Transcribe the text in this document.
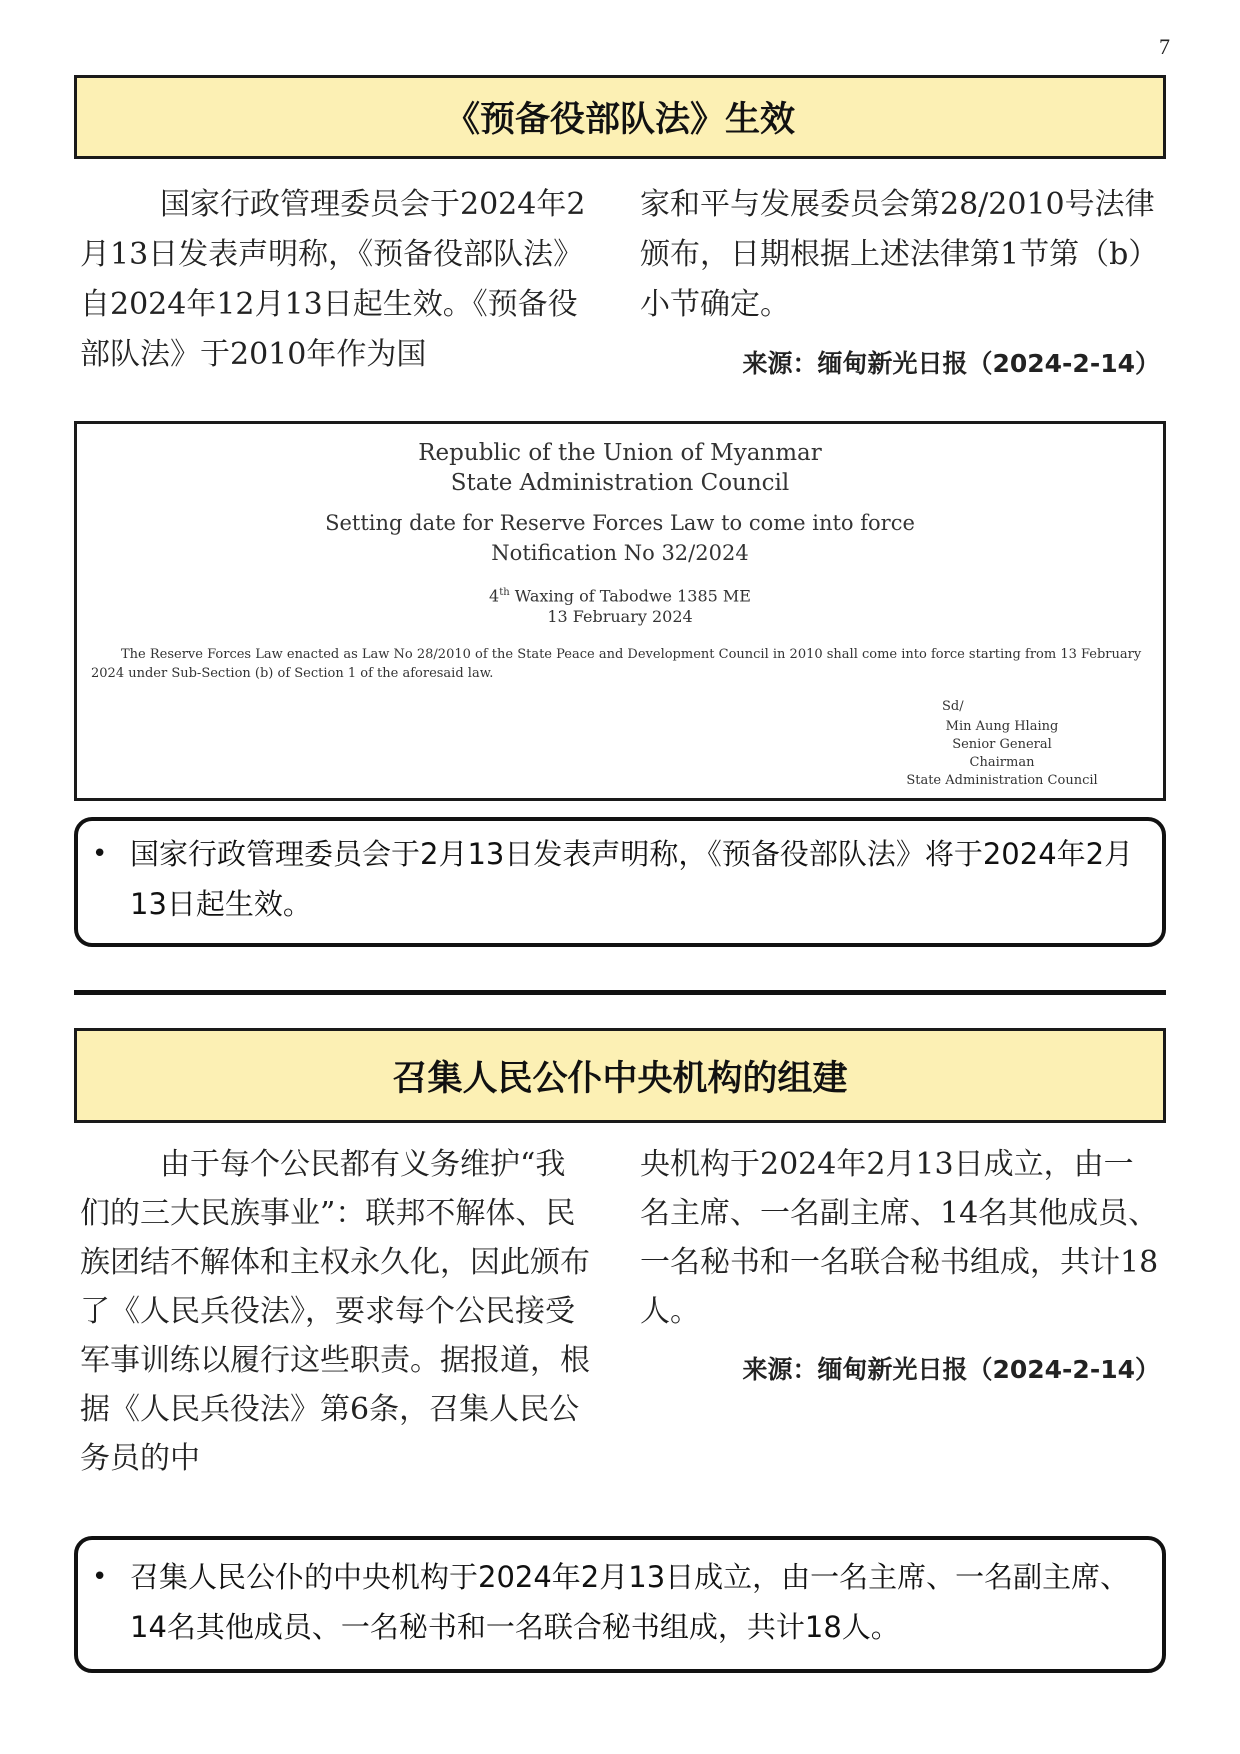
7
《预备役部队法》生效

国家行政管理委员会于2024年2月13日发表声明称，《预备役部队法》自2024年12月13日起生效。《预备役部队法》于2010年作为国

家和平与发展委员会第28/2010号法律颁布，日期根据上述法律第1节第（b）小节确定。

来源：缅甸新光日报（2024-2-14）

Republic of the Union of Myanmar
State Administration Council
Setting date for Reserve Forces Law to come into force
Notification No 32/2024
4th Waxing of Tabodwe 1385 ME
13 February 2024
The Reserve Forces Law enacted as Law No 28/2010 of the State Peace and Development Council in 2010 shall come into force starting from 13 February 2024 under Sub-Section (b) of Section 1 of the aforesaid law.
Sd/
Min Aung Hlaing
Senior General
Chairman
State Administration Council
• 国家行政管理委员会于2月13日发表声明称，《预备役部队法》将于2024年2月13日起生效。
召集人民公仆中央机构的组建

由于每个公民都有义务维护“我们的三大民族事业”：联邦不解体、民族团结不解体和主权永久化，因此颁布了《人民兵役法》，要求每个公民接受军事训练以履行这些职责。据报道，根据《人民兵役法》第6条，召集人民公务员的中

央机构于2024年2月13日成立，由一名主席、一名副主席、14名其他成员、一名秘书和一名联合秘书组成，共计18人。

来源：缅甸新光日报（2024-2-14）

• 召集人民公仆的中央机构于2024年2月13日成立，由一名主席、一名副主席、14名其他成员、一名秘书和一名联合秘书组成，共计18人。
